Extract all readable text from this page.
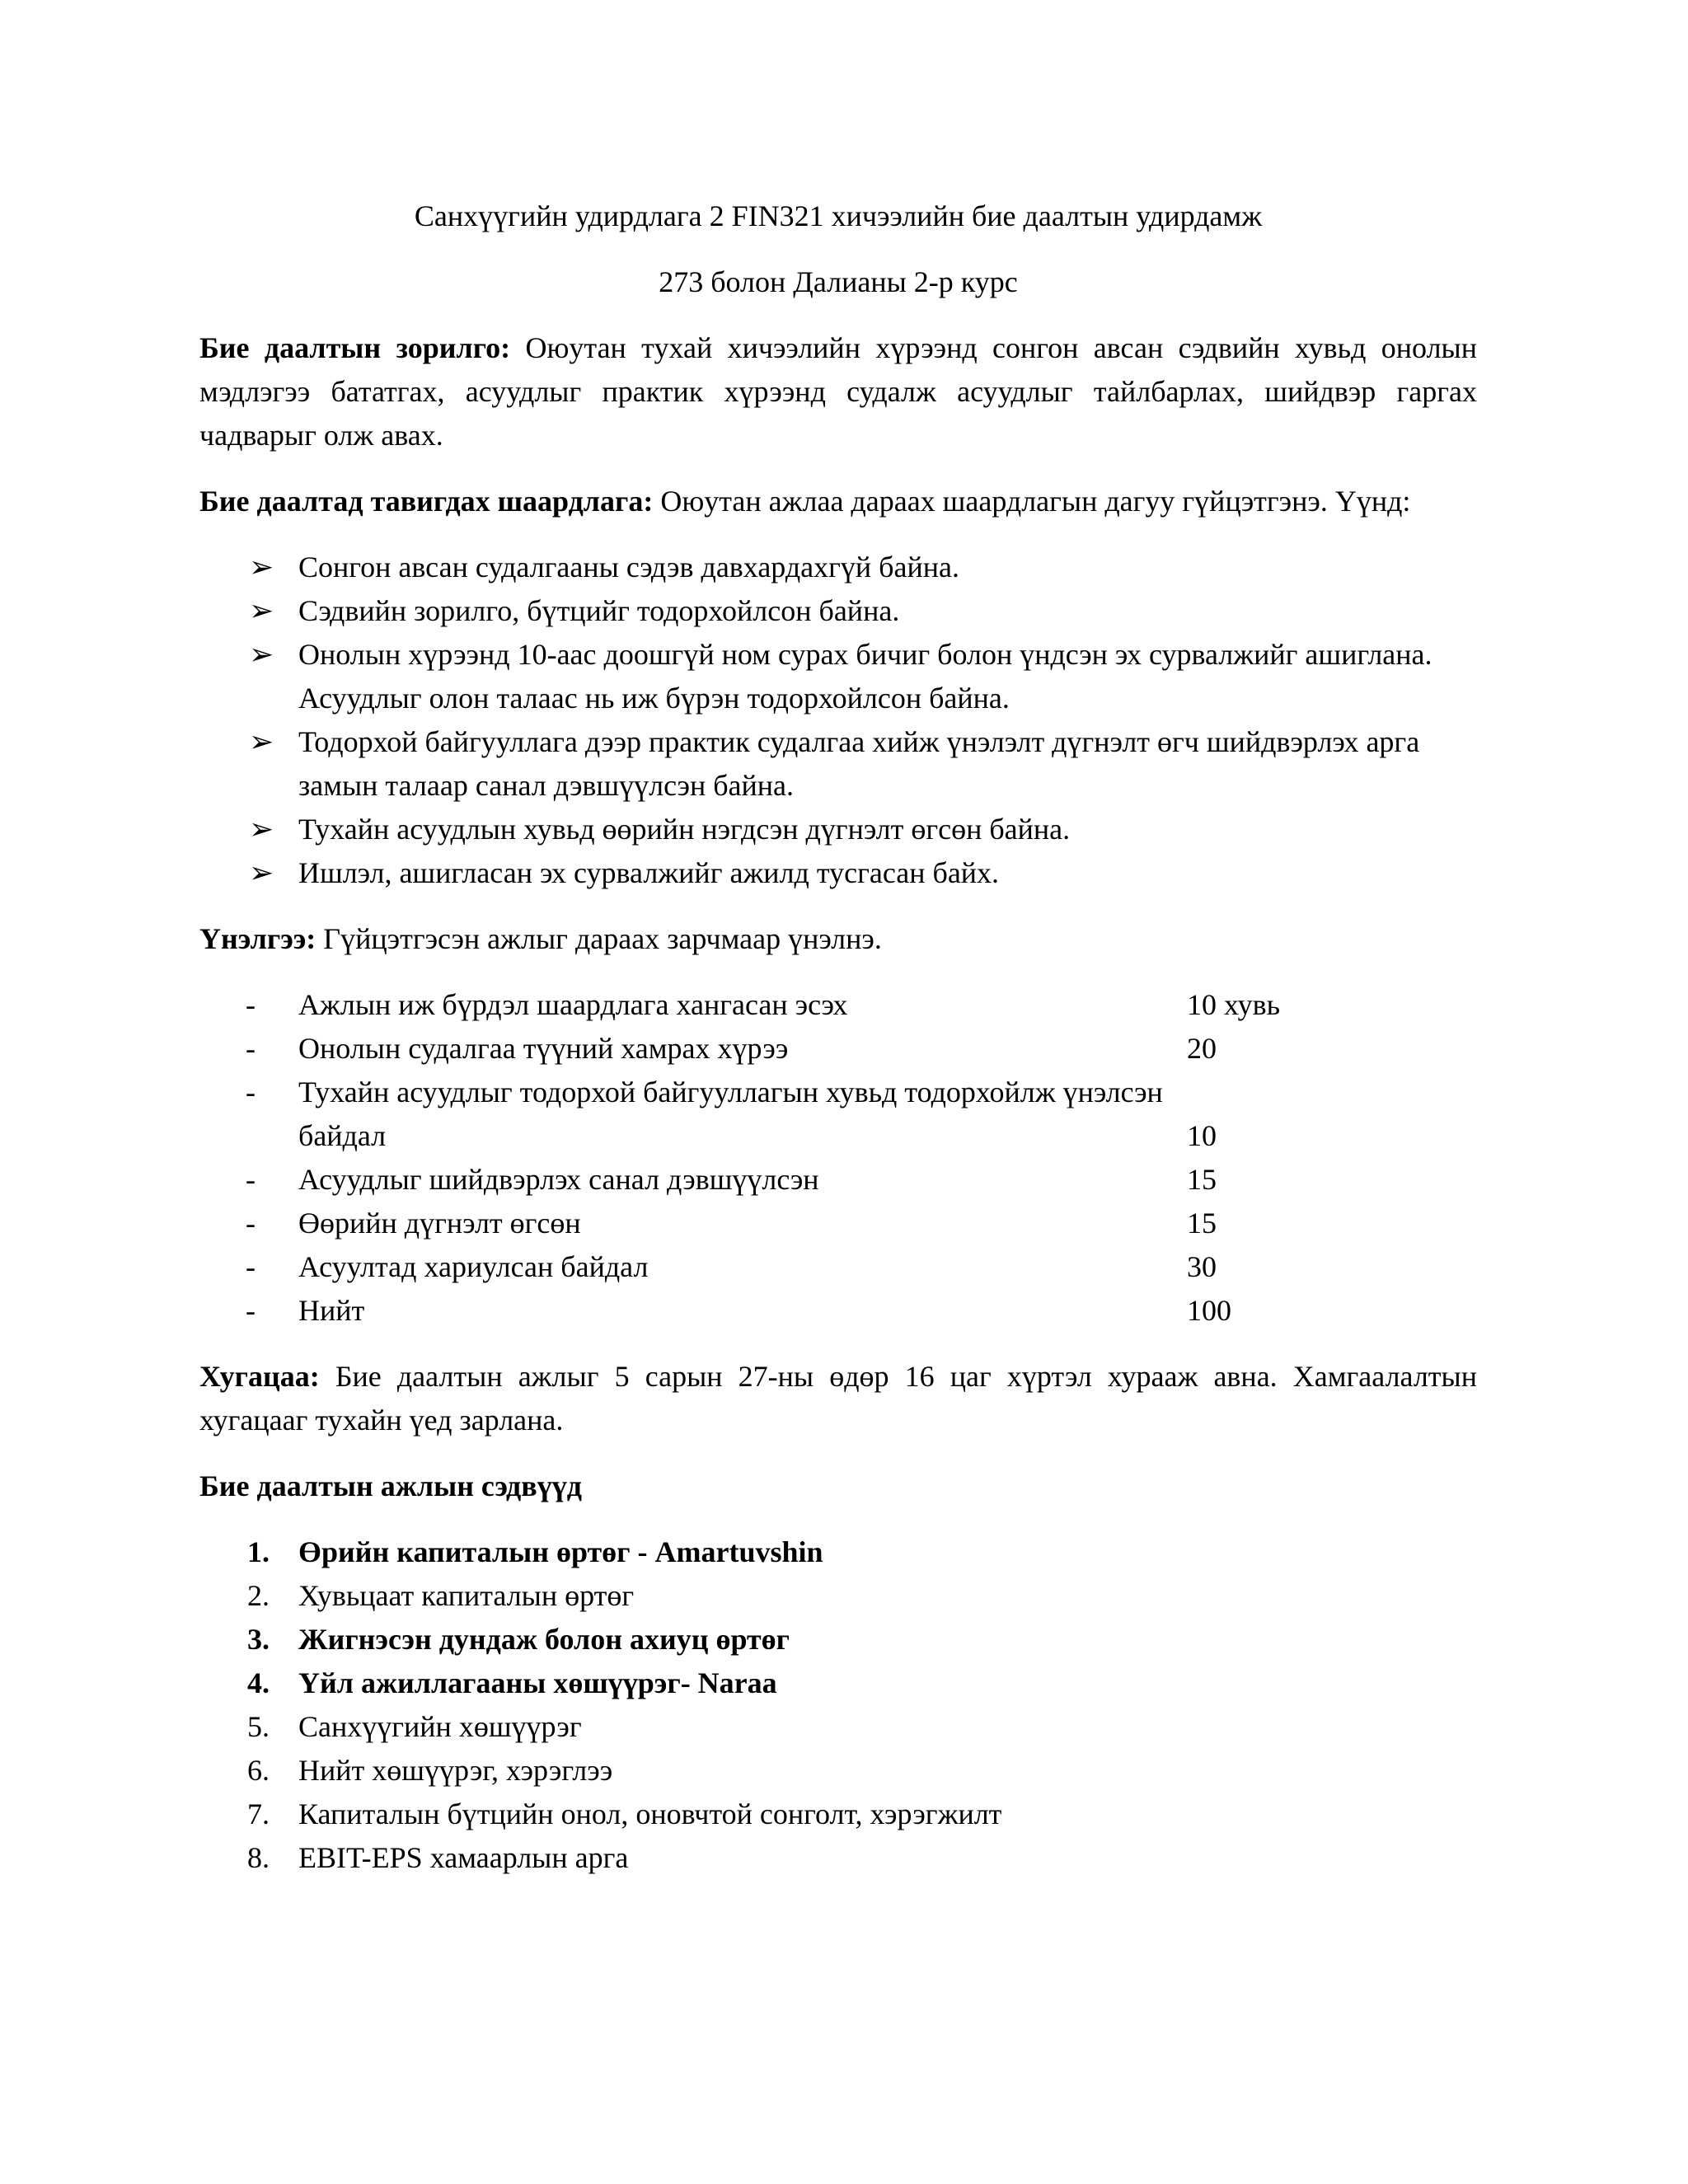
Санхүүгийн удирдлага 2 FIN321 хичээлийн бие даалтын удирдамж

273 болон Далианы 2-р курс

Бие даалтын зорилго: Оюутан тухай хичээлийн хүрээнд сонгон авсан сэдвийн хувьд онолын мэдлэгээ бататгах, асуудлыг практик хүрээнд судалж асуудлыг тайлбарлах, шийдвэр гаргах чадварыг олж авах.

Бие даалтад тавигдах шаардлага: Оюутан ажлаа дараах шаардлагын дагуу гүйцэтгэнэ. Үүнд:

➢ Сонгон авсан судалгааны сэдэв давхардахгүй байна.
➢ Сэдвийн зорилго, бүтцийг тодорхойлсон байна.
➢ Онолын хүрээнд 10-аас доошгүй ном сурах бичиг болон үндсэн эх сурвалжийг ашиглана. Асуудлыг олон талаас нь иж бүрэн тодорхойлсон байна.
➢ Тодорхой байгууллага дээр практик судалгаа хийж үнэлэлт дүгнэлт өгч шийдвэрлэх арга замын талаар санал дэвшүүлсэн байна.
➢ Тухайн асуудлын хувьд өөрийн нэгдсэн дүгнэлт өгсөн байна.
➢ Ишлэл, ашигласан эх сурвалжийг ажилд тусгасан байх.

Үнэлгээ: Гүйцэтгэсэн ажлыг дараах зарчмаар үнэлнэ.

- Ажлын иж бүрдэл шаардлага хангасан эсэх	10 хувь
- Онолын судалгаа түүний хамрах хүрээ	20
- Тухайн асуудлыг тодорхой байгууллагын хувьд тодорхойлж үнэлсэн байдал	10
- Асуудлыг шийдвэрлэх санал дэвшүүлсэн	15
- Өөрийн дүгнэлт өгсөн	15
- Асуултад хариулсан байдал	30
- Нийт	100

Хугацаа: Бие даалтын ажлыг 5 сарын 27-ны өдөр 16 цаг хүртэл хурааж авна. Хамгаалалтын хугацааг тухайн үед зарлана.

Бие даалтын ажлын сэдвүүд

1. Өрийн капиталын өртөг - Amartuvshin
2. Хувьцаат капиталын өртөг
3. Жигнэсэн дундаж болон ахиуц өртөг
4. Үйл ажиллагааны хөшүүрэг- Naraa
5. Санхүүгийн хөшүүрэг
6. Нийт хөшүүрэг, хэрэглээ
7. Капиталын бүтцийн онол, оновчтой сонголт, хэрэгжилт
8. EBIT-EPS хамаарлын арга
